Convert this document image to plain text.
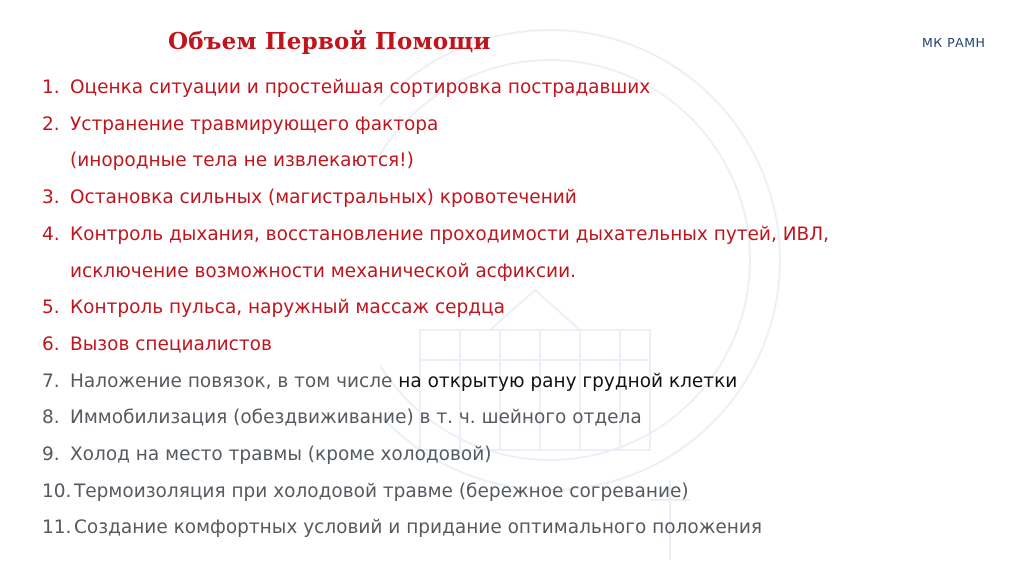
Объем Первой Помощи	МК РАМН
1. Оценка ситуации и простейшая сортировка пострадавших
2. Устранение травмирующего фактора
(инородные тела не извлекаются!)
3. Остановка сильных (магистральных) кровотечений
4. Контроль дыхания, восстановление проходимости дыхательных путей, ИВЛ,
исключение возможности механической асфиксии.
5. Контроль пульса, наружный массаж сердца
6. Вызов специалистов
7. Наложение повязок, в том числе на открытую рану грудной клетки
8. Иммобилизация (обездвиживание) в т. ч. шейного отдела
9. Холод на место травмы (кроме холодовой)
10. Термоизоляция при холодовой травме (бережное согревание)
11. Создание комфортных условий и придание оптимального положения
